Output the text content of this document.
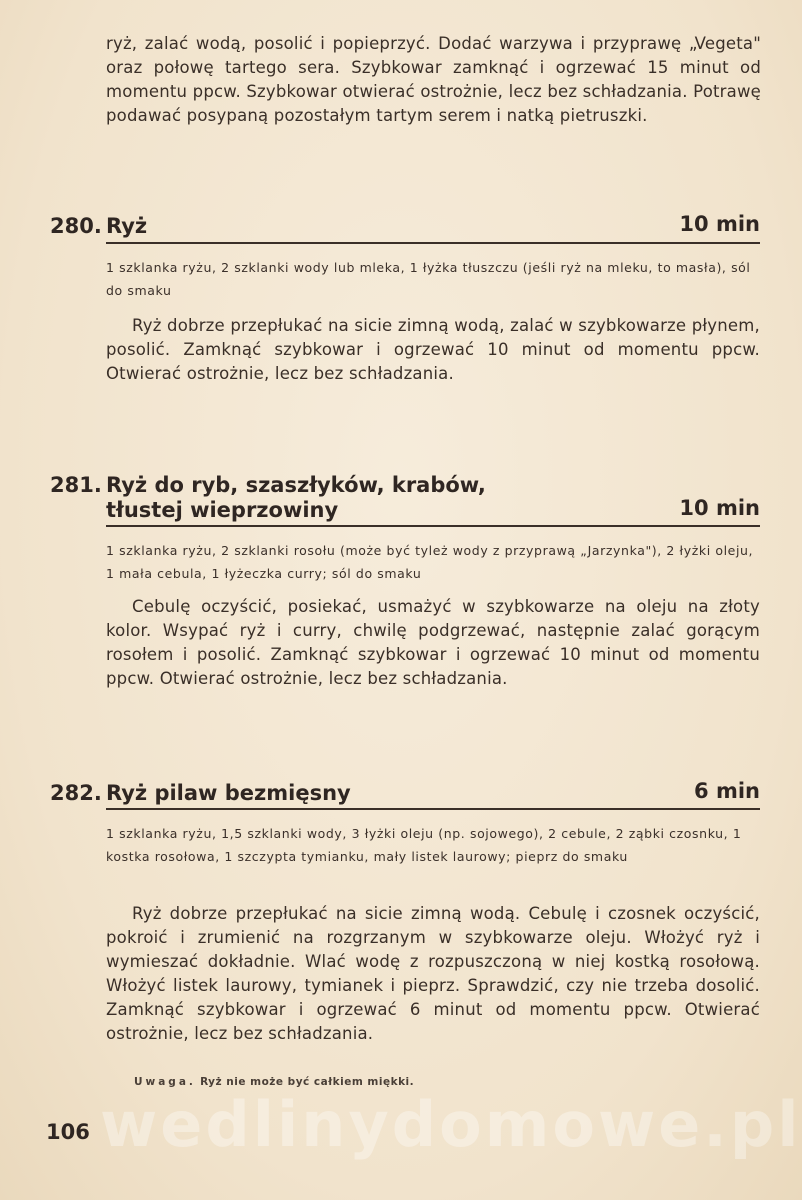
ryż, zalać wodą, posolić i popieprzyć. Dodać warzywa i przyprawę „Vegeta" oraz połowę tartego sera. Szybkowar zamknąć i ogrzewać 15 minut od momentu ppcw. Szybkowar otwierać ostrożnie, lecz bez schładzania. Potrawę podawać posypaną pozostałym tartym serem i natką pietruszki.
280. Ryż	10 min
1 szklanka ryżu, 2 szklanki wody lub mleka, 1 łyżka tłuszczu (jeśli ryż na mleku, to masła), sól do smaku
Ryż dobrze przepłukać na sicie zimną wodą, zalać w szybkowarze płynem, posolić. Zamknąć szybkowar i ogrzewać 10 minut od momentu ppcw. Otwierać ostrożnie, lecz bez schładzania.
281. Ryż do ryb, szaszłyków, krabów,
tłustej wieprzowiny	10 min
1 szklanka ryżu, 2 szklanki rosołu (może być tyleż wody z przyprawą „Jarzynka"), 2 łyżki oleju, 1 mała cebula, 1 łyżeczka curry; sól do smaku
Cebulę oczyścić, posiekać, usmażyć w szybkowarze na oleju na złoty kolor. Wsypać ryż i curry, chwilę podgrzewać, następnie zalać gorącym rosołem i posolić. Zamknąć szybkowar i ogrzewać 10 minut od momentu ppcw. Otwierać ostrożnie, lecz bez schładzania.
282. Ryż pilaw bezmięsny	6 min
1 szklanka ryżu, 1,5 szklanki wody, 3 łyżki oleju (np. sojowego), 2 cebule, 2 ząbki czosnku, 1 kostka rosołowa, 1 szczypta tymianku, mały listek laurowy; pieprz do smaku
Ryż dobrze przepłukać na sicie zimną wodą. Cebulę i czosnek oczyścić, pokroić i zrumienić na rozgrzanym w szybkowarze oleju. Włożyć ryż i wymieszać dokładnie. Wlać wodę z rozpuszczoną w niej kostką rosołową. Włożyć listek laurowy, tymianek i pieprz. Sprawdzić, czy nie trzeba dosolić. Zamknąć szybkowar i ogrzewać 6 minut od momentu ppcw. Otwierać ostrożnie, lecz bez schładzania.
Uwaga. Ryż nie może być całkiem miękki.
wedlinydomowe.pl
106
